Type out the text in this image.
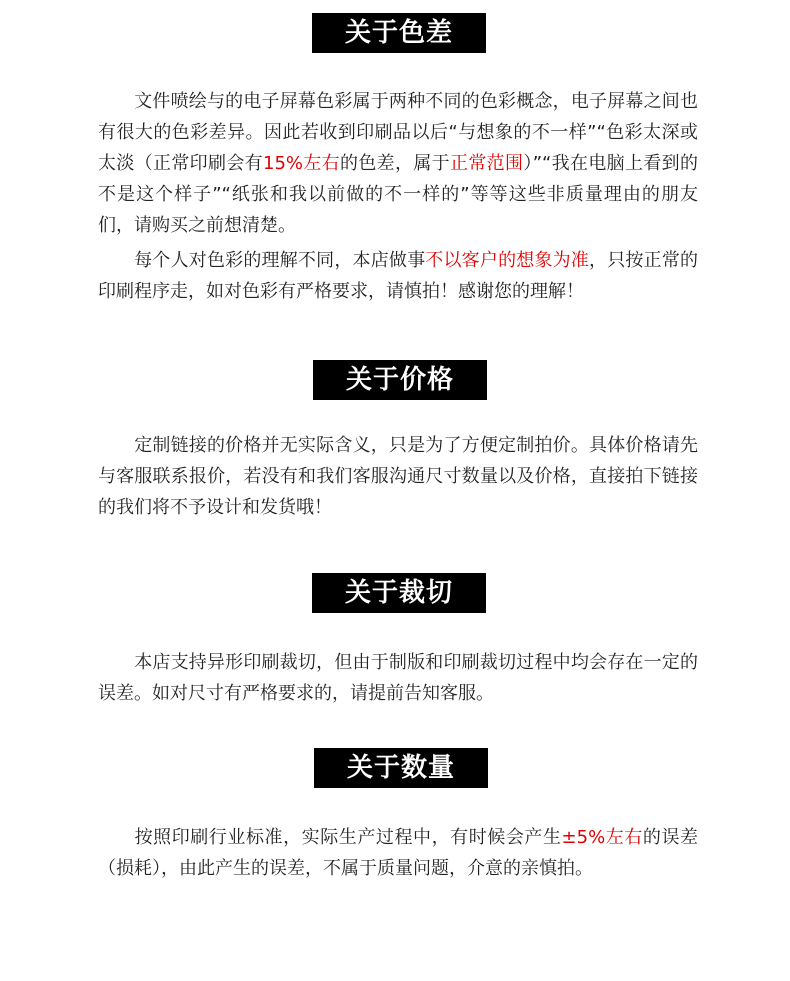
关于色差

文件喷绘与的电子屏幕色彩属于两种不同的色彩概念，电子屏幕之间也有很大的色彩差异。因此若收到印刷品以后“与想象的不一样”“色彩太深或太淡（正常印刷会有15%左右的色差，属于正常范围）”“我在电脑上看到的不是这个样子”“纸张和我以前做的不一样的”等等这些非质量理由的朋友们，请购买之前想清楚。

每个人对色彩的理解不同，本店做事不以客户的想象为准，只按正常的印刷程序走，如对色彩有严格要求，请慎拍！感谢您的理解！

关于价格

定制链接的价格并无实际含义，只是为了方便定制拍价。具体价格请先与客服联系报价，若没有和我们客服沟通尺寸数量以及价格，直接拍下链接的我们将不予设计和发货哦！

关于裁切

本店支持异形印刷裁切，但由于制版和印刷裁切过程中均会存在一定的误差。如对尺寸有严格要求的，请提前告知客服。

关于数量

按照印刷行业标准，实际生产过程中，有时候会产生±5%左右的误差（损耗），由此产生的误差，不属于质量问题，介意的亲慎拍。
